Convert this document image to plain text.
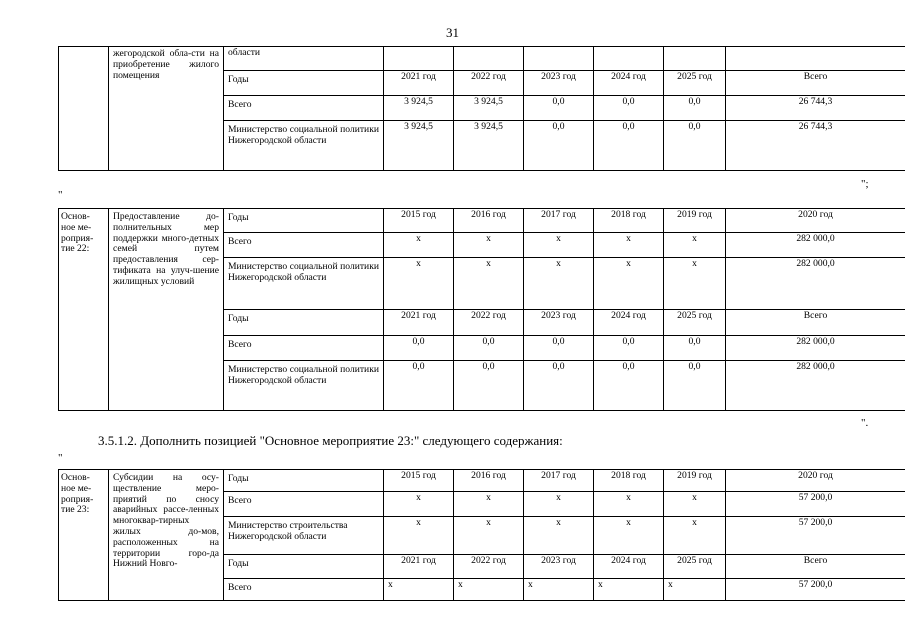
31
	жегородской обла-сти на приобретение жилого помещения	области						
		Годы	2021 год	2022 год	2023 год	2024 год	2025 год	Всего
		Всего	3 924,5	3 924,5	0,0	0,0	0,0	26 744,3
		Министерство социальной политики Нижегородской области	3 924,5	3 924,5	0,0	0,0	0,0	26 744,3
";
"
Основ-ное ме-роприя-тие 22:	Предоставление до-полнительных мер поддержки много-детных семей путем предоставления сер-тификата на улуч-шение жилищных условий	Годы	2015 год	2016 год	2017 год	2018 год	2019 год	2020 год
		Всего	х	х	х	х	х	282 000,0
		Министерство социальной политики Нижегородской области	х	х	х	х	х	282 000,0
		Годы	2021 год	2022 год	2023 год	2024 год	2025 год	Всего
		Всего	0,0	0,0	0,0	0,0	0,0	282 000,0
		Министерство социальной политики Нижегородской области	0,0	0,0	0,0	0,0	0,0	282 000,0
".
3.5.1.2. Дополнить позицией "Основное мероприятие 23:" следующего содержания:
"
Основ-ное ме-роприя-тие 23:	Субсидии на осу-ществление меро-приятий по сносу аварийных рассе-ленных многоквар-тирных жилых до-мов, расположенных на территории горо-да Нижний Новго-	Годы	2015 год	2016 год	2017 год	2018 год	2019 год	2020 год
		Всего	х	х	х	х	х	57 200,0
		Министерство строительства Нижегородской области	х	х	х	х	х	57 200,0
		Годы	2021 год	2022 год	2023 год	2024 год	2025 год	Всего
		Всего	х	х	х	х	х	57 200,0
